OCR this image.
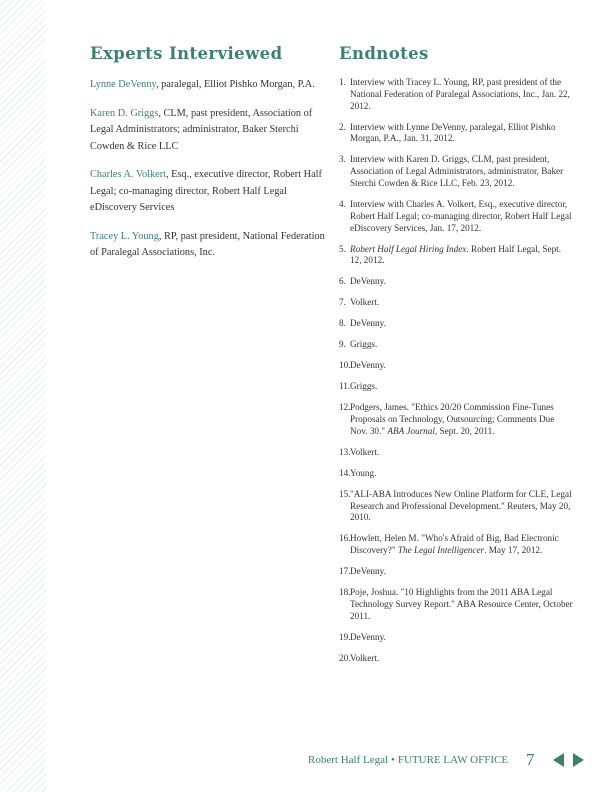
Experts Interviewed

Lynne DeVenny, paralegal, Elliot Pishko Morgan, P.A.

Karen D. Griggs, CLM, past president, Association of Legal Administrators; administrator, Baker Sterchi Cowden & Rice LLC

Charles A. Volkert, Esq., executive director, Robert Half Legal; co-managing director, Robert Half Legal eDiscovery Services

Tracey L. Young, RP, past president, National Federation of Paralegal Associations, Inc.

Endnotes
1. Interview with Tracey L. Young, RP, past president of the National Federation of Paralegal Associations, Inc., Jan. 22, 2012.
2. Interview with Lynne DeVenny, paralegal, Elliot Pishko Morgan, P.A., Jan. 31, 2012.
3. Interview with Karen D. Griggs, CLM, past president, Association of Legal Administrators, administrator, Baker Sterchi Cowden & Rice LLC, Feb. 23, 2012.
4. Interview with Charles A. Volkert, Esq., executive director, Robert Half Legal; co-managing director, Robert Half Legal eDiscovery Services, Jan. 17, 2012.
5. Robert Half Legal Hiring Index. Robert Half Legal, Sept. 12, 2012.
6. DeVenny.
7. Volkert.
8. DeVenny.
9. Griggs.
10. DeVenny.
11. Griggs.
12. Podgers, James. "Ethics 20/20 Commission Fine-Tunes Proposals on Technology, Outsourcing; Comments Due Nov. 30." ABA Journal, Sept. 20, 2011.
13. Volkert.
14. Young.
15. "ALI-ABA Introduces New Online Platform for CLE, Legal Research and Professional Development." Reuters, May 20, 2010.
16. Howlett, Helen M. "Who's Afraid of Big, Bad Electronic Discovery?" The Legal Intelligencer. May 17, 2012.
17. DeVenny.
18. Poje, Joshua. "10 Highlights from the 2011 ABA Legal Technology Survey Report." ABA Resource Center, October 2011.
19. DeVenny.
20. Volkert.
Robert Half Legal • FUTURE LAW OFFICE 7
